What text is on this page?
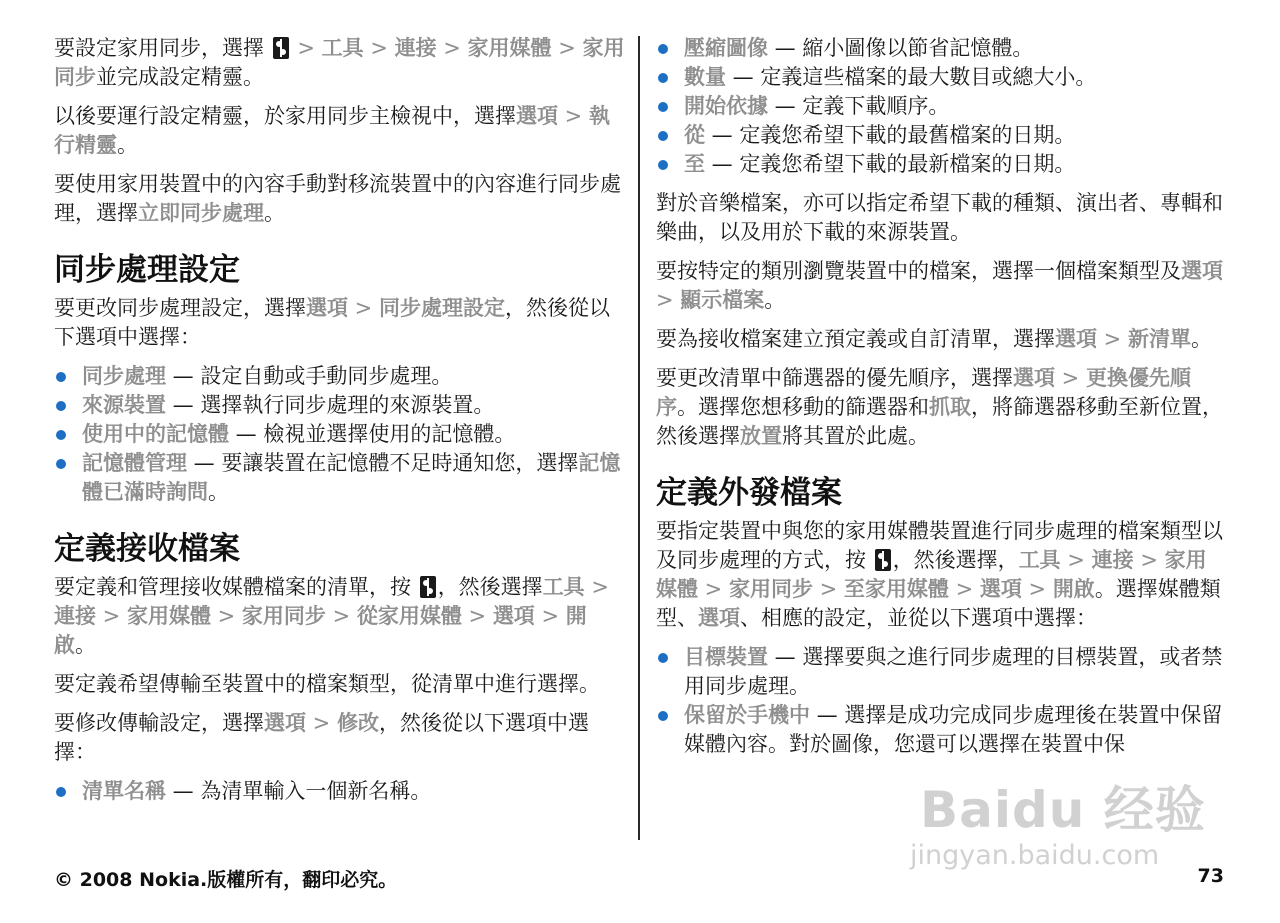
要設定家用同步，選擇  > 工具 > 連接 > 家用媒體 > 家用同步並完成設定精靈。

以後要運行設定精靈，於家用同步主檢視中，選擇選項 > 執行精靈。

要使用家用裝置中的內容手動對移流裝置中的內容進行同步處理，選擇立即同步處理。

同步處理設定

要更改同步處理設定，選擇選項 > 同步處理設定，然後從以下選項中選擇：

同步處理 — 設定自動或手動同步處理。
來源裝置 — 選擇執行同步處理的來源裝置。
使用中的記憶體 — 檢視並選擇使用的記憶體。
記憶體管理 — 要讓裝置在記憶體不足時通知您，選擇記憶體已滿時詢問。
定義接收檔案

要定義和管理接收媒體檔案的清單，按 ，然後選擇工具 > 連接 > 家用媒體 > 家用同步 > 從家用媒體 > 選項 > 開啟。

要定義希望傳輸至裝置中的檔案類型，從清單中進行選擇。

要修改傳輸設定，選擇選項 > 修改，然後從以下選項中選擇：

清單名稱 — 為清單輸入一個新名稱。
壓縮圖像 — 縮小圖像以節省記憶體。
數量 — 定義這些檔案的最大數目或總大小。
開始依據 — 定義下載順序。
從 — 定義您希望下載的最舊檔案的日期。
至 — 定義您希望下載的最新檔案的日期。

對於音樂檔案，亦可以指定希望下載的種類、演出者、專輯和樂曲，以及用於下載的來源裝置。

要按特定的類別瀏覽裝置中的檔案，選擇一個檔案類型及選項 > 顯示檔案。

要為接收檔案建立預定義或自訂清單，選擇選項 > 新清單。

要更改清單中篩選器的優先順序，選擇選項 > 更換優先順序。選擇您想移動的篩選器和抓取，將篩選器移動至新位置，然後選擇放置將其置於此處。

定義外發檔案

要指定裝置中與您的家用媒體裝置進行同步處理的檔案類型以及同步處理的方式，按 ，然後選擇，工具 > 連接 > 家用媒體 > 家用同步 > 至家用媒體 > 選項 > 開啟。選擇媒體類型、選項、相應的設定，並從以下選項中選擇：

目標裝置 — 選擇要與之進行同步處理的目標裝置，或者禁用同步處理。
保留於手機中 — 選擇是成功完成同步處理後在裝置中保留媒體內容。對於圖像，您還可以選擇在裝置中保
© 2008 Nokia.版權所有，翻印必究。	73
Baidu 经验
jingyan.baidu.com
